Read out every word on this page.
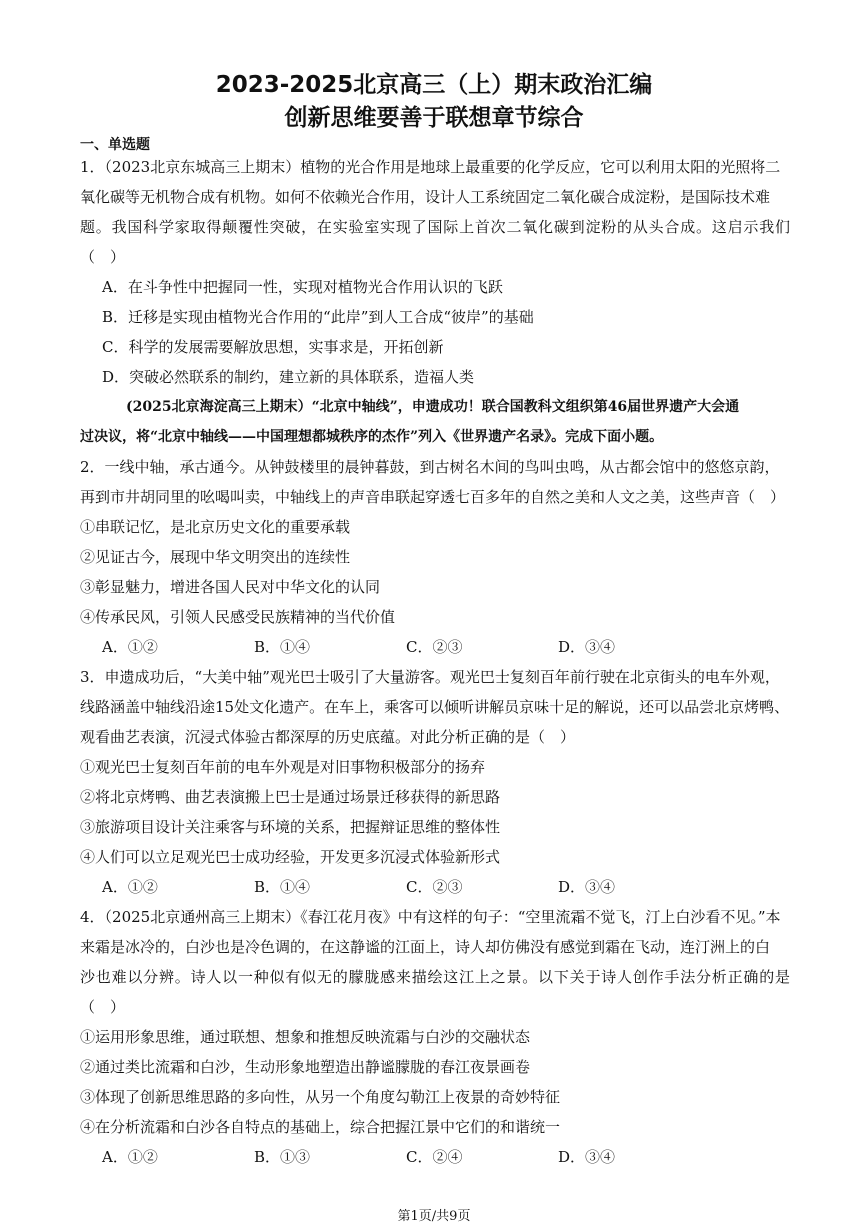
2023-2025北京高三（上）期末政治汇编
创新思维要善于联想章节综合
一、单选题

1．（2023北京东城高三上期末）植物的光合作用是地球上最重要的化学反应，它可以利用太阳的光照将二

氧化碳等无机物合成有机物。如何不依赖光合作用，设计人工系统固定二氧化碳合成淀粉，是国际技术难

题。我国科学家取得颠覆性突破，在实验室实现了国际上首次二氧化碳到淀粉的从头合成。这启示我们（　）

A．在斗争性中把握同一性，实现对植物光合作用认识的飞跃

B．迁移是实现由植物光合作用的“此岸”到人工合成“彼岸”的基础

C．科学的发展需要解放思想，实事求是，开拓创新

D．突破必然联系的制约，建立新的具体联系，造福人类

(2025北京海淀高三上期末）“北京中轴线”，申遗成功！联合国教科文组织第46届世界遗产大会通

过决议，将“北京中轴线——中国理想都城秩序的杰作”列入《世界遗产名录》。完成下面小题。

2．一线中轴，承古通今。从钟鼓楼里的晨钟暮鼓，到古树名木间的鸟叫虫鸣，从古都会馆中的悠悠京韵，

再到市井胡同里的吆喝叫卖，中轴线上的声音串联起穿透七百多年的自然之美和人文之美，这些声音（　）

①串联记忆，是北京历史文化的重要承载

②见证古今，展现中华文明突出的连续性

③彰显魅力，增进各国人民对中华文化的认同

④传承民风，引领人民感受民族精神的当代价值

A．①②	B．①④	C．②③	D．③④

3．申遗成功后，“大美中轴”观光巴士吸引了大量游客。观光巴士复刻百年前行驶在北京街头的电车外观，

线路涵盖中轴线沿途15处文化遗产。在车上，乘客可以倾听讲解员京味十足的解说，还可以品尝北京烤鸭、

观看曲艺表演，沉浸式体验古都深厚的历史底蕴。对此分析正确的是（　）

①观光巴士复刻百年前的电车外观是对旧事物积极部分的扬弃

②将北京烤鸭、曲艺表演搬上巴士是通过场景迁移获得的新思路

③旅游项目设计关注乘客与环境的关系，把握辩证思维的整体性

④人们可以立足观光巴士成功经验，开发更多沉浸式体验新形式

A．①②	B．①④	C．②③	D．③④

4．（2025北京通州高三上期末）《春江花月夜》中有这样的句子：“空里流霜不觉飞，汀上白沙看不见。”本

来霜是冰冷的，白沙也是冷色调的，在这静谧的江面上，诗人却仿佛没有感觉到霜在飞动，连汀洲上的白

沙也难以分辨。诗人以一种似有似无的朦胧感来描绘这江上之景。以下关于诗人创作手法分析正确的是（　）

①运用形象思维，通过联想、想象和推想反映流霜与白沙的交融状态

②通过类比流霜和白沙，生动形象地塑造出静谧朦胧的春江夜景画卷

③体现了创新思维思路的多向性，从另一个角度勾勒江上夜景的奇妙特征

④在分析流霜和白沙各自特点的基础上，综合把握江景中它们的和谐统一

A．①②	B．①③	C．②④	D．③④
第1页/共9页
